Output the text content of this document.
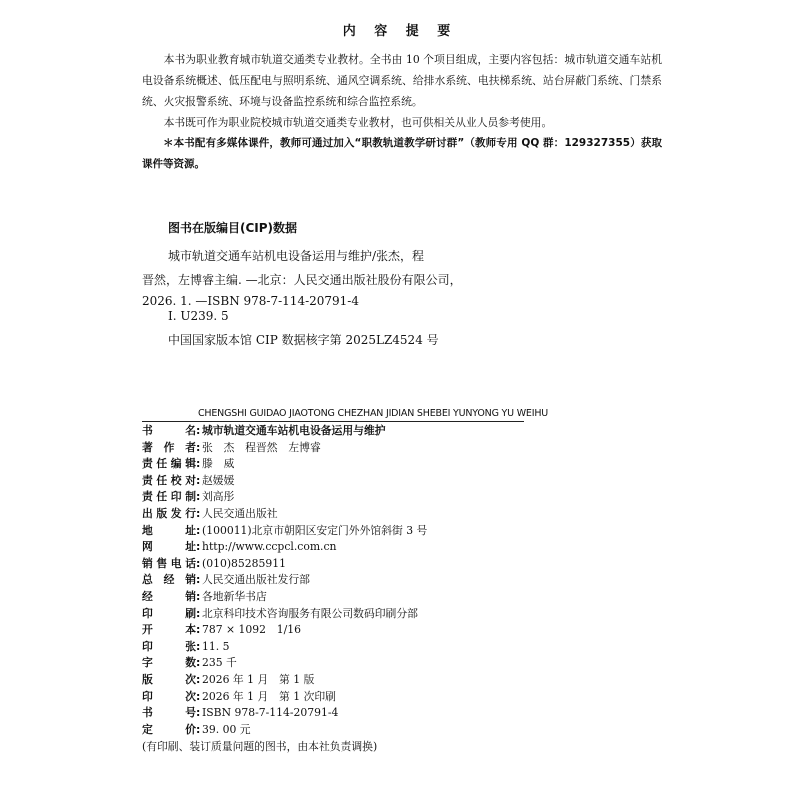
内 容 提 要

本书为职业教育城市轨道交通类专业教材。全书由 10 个项目组成，主要内容包括：城市轨道交通车站机电设备系统概述、低压配电与照明系统、通风空调系统、给排水系统、电扶梯系统、站台屏蔽门系统、门禁系统、火灾报警系统、环境与设备监控系统和综合监控系统。

本书既可作为职业院校城市轨道交通类专业教材，也可供相关从业人员参考使用。

＊本书配有多媒体课件，教师可通过加入“职教轨道教学研讨群”（教师专用 QQ 群：129327355）获取课件等资源。

图书在版编目(CIP)数据
城市轨道交通车站机电设备运用与维护/张杰，程
晋然，左博睿主编. —北京：人民交通出版社股份有限公司，
2026. 1. —ISBN 978-7-114-20791-4
Ⅰ. U239. 5
中国国家版本馆 CIP 数据核字第 2025LZ4524 号
CHENGSHI GUIDAO JIAOTONG CHEZHAN JIDIAN SHEBEI YUNYONG YU WEIHU
书名: 城市轨道交通车站机电设备运用与维护
著作者: 张　杰　程晋然　左博睿
责任编辑: 滕　威
责任校对: 赵媛媛
责任印制: 刘高彤
出版发行: 人民交通出版社
地址: (100011)北京市朝阳区安定门外外馆斜街 3 号
网址: http://www.ccpcl.com.cn
销售电话: (010)85285911
总经销: 人民交通出版社发行部
经销: 各地新华书店
印刷: 北京科印技术咨询服务有限公司数码印刷分部
开本: 787 × 1092　1/16
印张: 11. 5
字数: 235 千
版次: 2026 年 1 月　第 1 版
印次: 2026 年 1 月　第 1 次印刷
书号: ISBN 978-7-114-20791-4
定价: 39. 00 元
(有印刷、装订质量问题的图书，由本社负责调换)
